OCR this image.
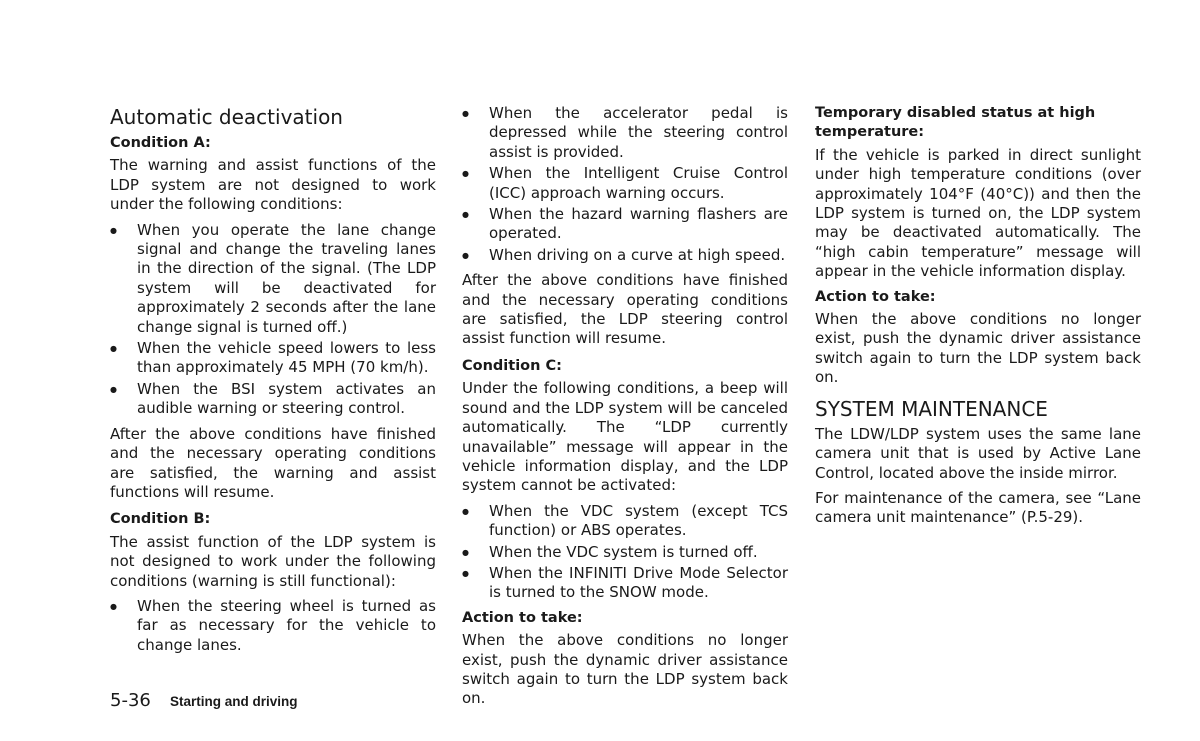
Automatic deactivation
Condition A:

The warning and assist functions of the LDP system are not designed to work under the following conditions:

● When you operate the lane change signal and change the traveling lanes in the direction of the signal. (The LDP system will be deactivated for approximately 2 seconds after the lane change signal is turned off.)
● When the vehicle speed lowers to less than approximately 45 MPH (70 km/h).
● When the BSI system activates an audible warning or steering control.

After the above conditions have finished and the necessary operating conditions are satisfied, the warning and assist functions will resume.

Condition B:

The assist function of the LDP system is not designed to work under the following conditions (warning is still functional):

● When the steering wheel is turned as far as necessary for the vehicle to change lanes.
● When the accelerator pedal is depressed while the steering control assist is provided.
● When the Intelligent Cruise Control (ICC) approach warning occurs.
● When the hazard warning flashers are operated.
● When driving on a curve at high speed.

After the above conditions have finished and the necessary operating conditions are satisfied, the LDP steering control assist function will resume.

Condition C:

Under the following conditions, a beep will sound and the LDP system will be canceled automatically. The “LDP currently unavailable” message will appear in the vehicle information display, and the LDP system cannot be activated:

● When the VDC system (except TCS function) or ABS operates.
● When the VDC system is turned off.
● When the INFINITI Drive Mode Selector is turned to the SNOW mode.
Action to take:

When the above conditions no longer exist, push the dynamic driver assistance switch again to turn the LDP system back on.

Temporary disabled status at high temperature:

If the vehicle is parked in direct sunlight under high temperature conditions (over approximately 104°F (40°C)) and then the LDP system is turned on, the LDP system may be deactivated automatically. The “high cabin temperature” message will appear in the vehicle information display.

Action to take:

When the above conditions no longer exist, push the dynamic driver assistance switch again to turn the LDP system back on.

SYSTEM MAINTENANCE

The LDW/LDP system uses the same lane camera unit that is used by Active Lane Control, located above the inside mirror.

For maintenance of the camera, see “Lane camera unit maintenance” (P.5-29).

5-36 Starting and driving
